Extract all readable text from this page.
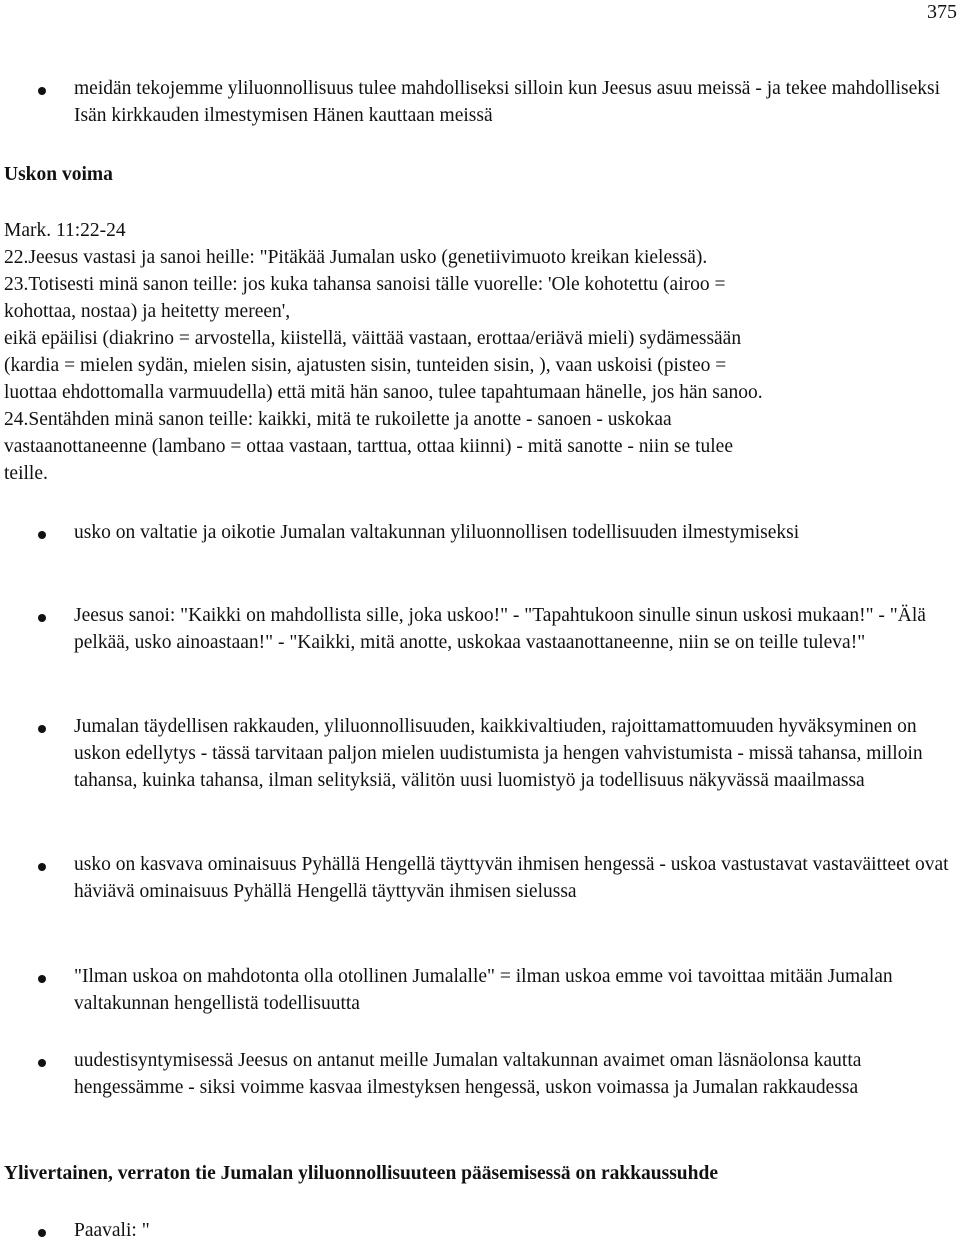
375
meidän tekojemme yliluonnollisuus tulee mahdolliseksi silloin kun Jeesus asuu meissä - ja tekee mahdolliseksi Isän kirkkauden ilmestymisen Hänen kauttaan meissä
Uskon voima
Mark. 11:22-24
22.Jeesus vastasi ja sanoi heille: "Pitäkää Jumalan usko (genetiivimuoto kreikan kielessä).
23.Totisesti minä sanon teille: jos kuka tahansa sanoisi tälle vuorelle: 'Ole kohotettu (airoo =
kohottaa, nostaa) ja heitetty mereen',
eikä epäilisi (diakrino = arvostella, kiistellä, väittää vastaan, erottaa/eriävä mieli) sydämessään
(kardia = mielen sydän, mielen sisin, ajatusten sisin, tunteiden sisin, ), vaan uskoisi (pisteo =
luottaa ehdottomalla varmuudella) että mitä hän sanoo, tulee tapahtumaan hänelle, jos hän sanoo.
24.Sentähden minä sanon teille: kaikki, mitä te rukoilette ja anotte - sanoen - uskokaa
vastaanottaneenne (lambano = ottaa vastaan, tarttua, ottaa kiinni) - mitä sanotte - niin se tulee
teille.
usko on valtatie ja oikotie Jumalan valtakunnan yliluonnollisen todellisuuden ilmestymiseksi
Jeesus sanoi: "Kaikki on mahdollista sille, joka uskoo!" - "Tapahtukoon sinulle sinun uskosi mukaan!" - "Älä pelkää, usko ainoastaan!" - "Kaikki, mitä anotte, uskokaa vastaanottaneenne, niin se on teille tuleva!"
Jumalan täydellisen rakkauden, yliluonnollisuuden, kaikkivaltiuden, rajoittamattomuuden hyväksyminen on uskon edellytys - tässä tarvitaan paljon mielen uudistumista ja hengen vahvistumista - missä tahansa, milloin tahansa, kuinka tahansa, ilman selityksiä, välitön uusi luomistyö ja todellisuus näkyvässä maailmassa
usko on kasvava ominaisuus Pyhällä Hengellä täyttyvän ihmisen hengessä - uskoa vastustavat vastaväitteet ovat häviävä ominaisuus Pyhällä Hengellä täyttyvän ihmisen sielussa
"Ilman uskoa on mahdotonta olla otollinen Jumalalle" = ilman uskoa emme voi tavoittaa mitään Jumalan valtakunnan hengellistä todellisuutta
uudestisyntymisessä Jeesus on antanut meille Jumalan valtakunnan avaimet oman läsnäolonsa kautta hengessämme - siksi voimme kasvaa ilmestyksen hengessä, uskon voimassa ja Jumalan rakkaudessa
Ylivertainen, verraton tie Jumalan yliluonnollisuuteen pääsemisessä on rakkaussuhde
Paavali: "
